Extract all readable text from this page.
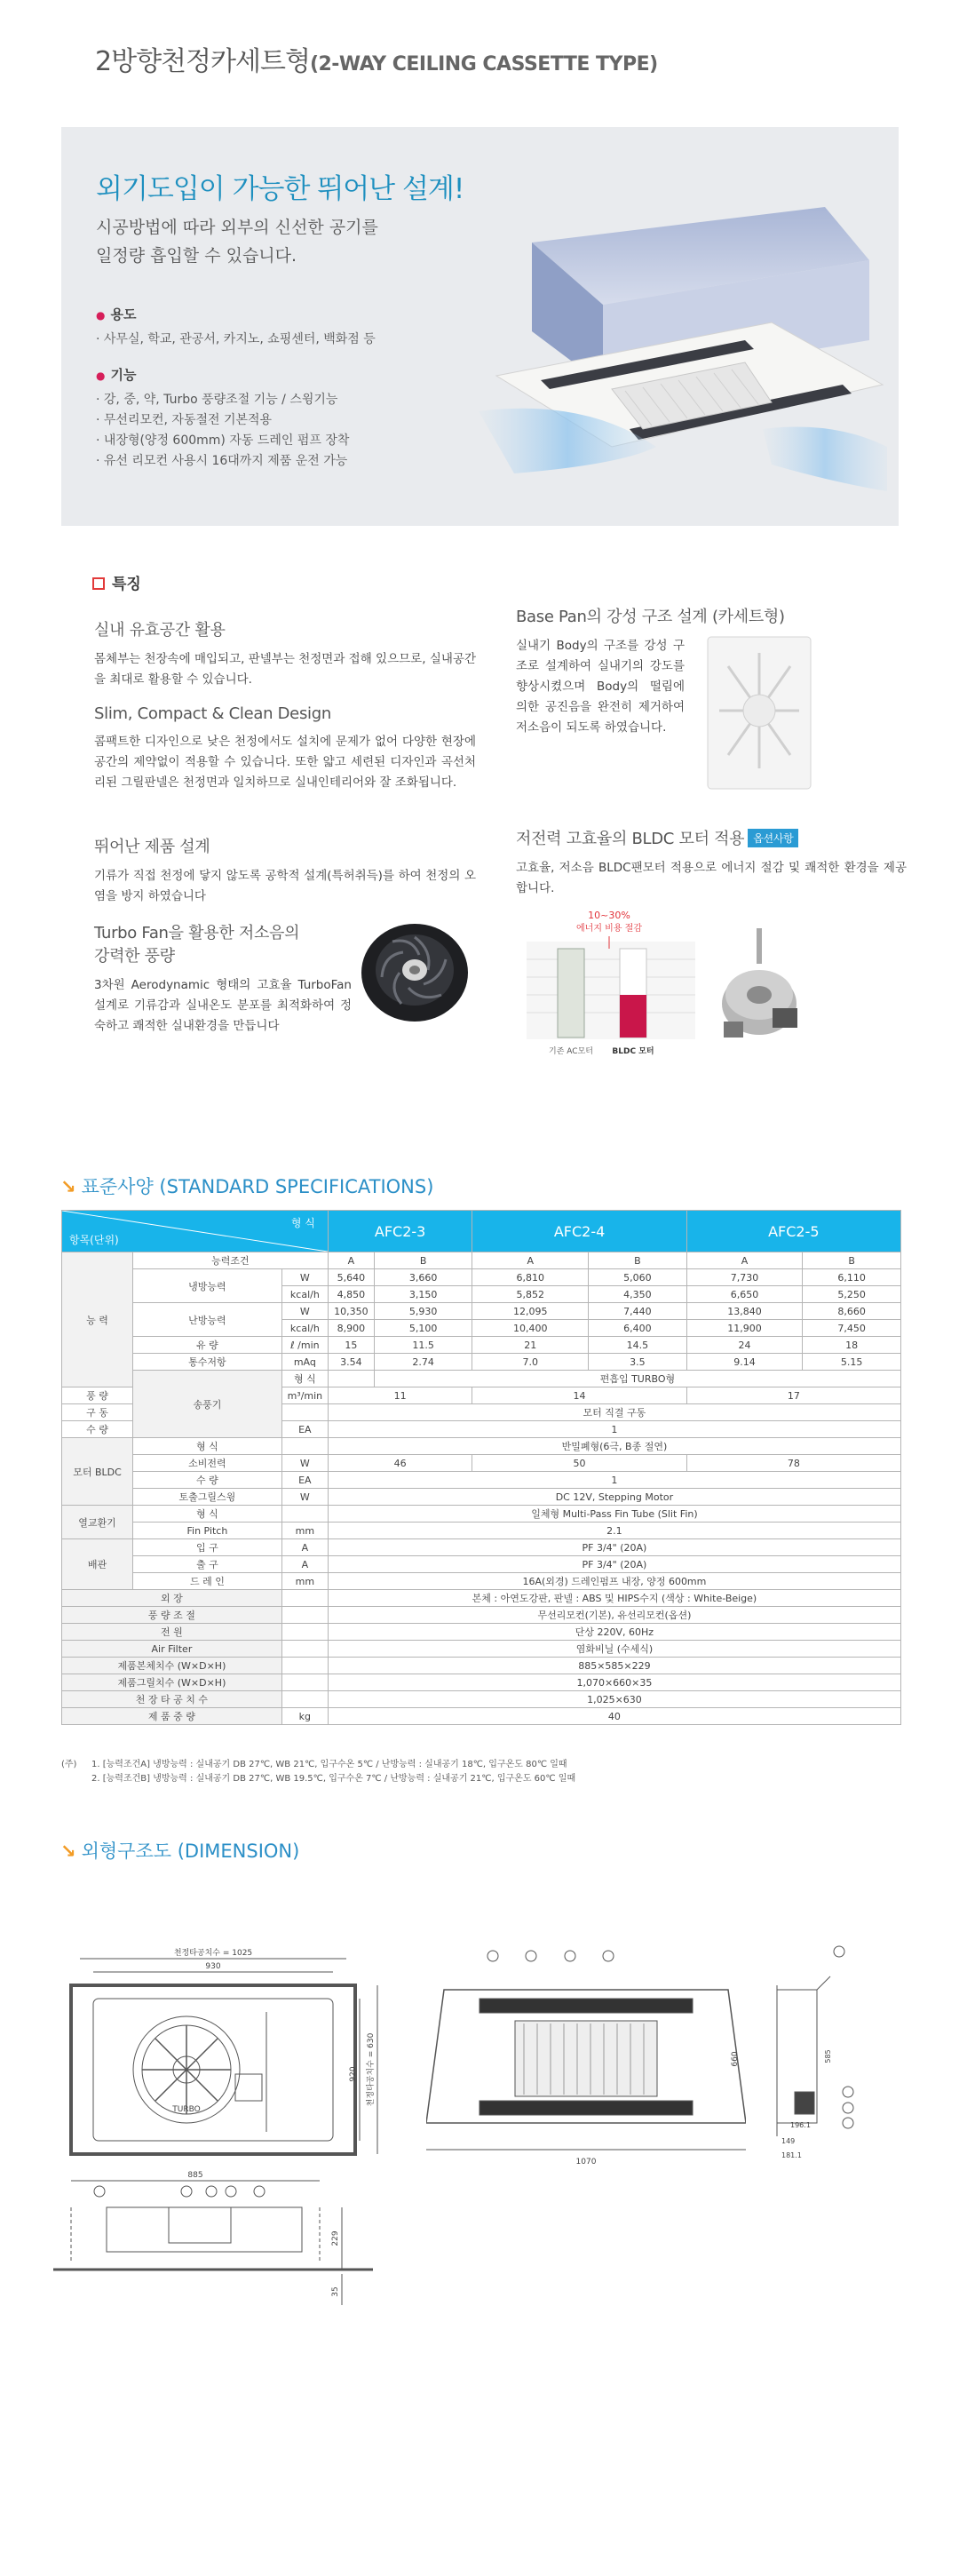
2방향천정카세트형(2-WAY CEILING CASSETTE TYPE)
외기도입이 가능한 뛰어난 설계!
시공방법에 따라 외부의 신선한 공기를
일정량 흡입할 수 있습니다.
● 용도
· 사무실, 학교, 관공서, 카지노, 쇼핑센터, 백화점 등
● 기능
· 강, 중, 약, Turbo 풍량조절 기능 / 스윙기능
· 무선리모컨, 자동절전 기본적용
· 내장형(양정 600mm) 자동 드레인 펌프 장착
· 유선 리모컨 사용시 16대까지 제품 운전 가능
특징
실내 유효공간 활용
몸체부는 천장속에 매입되고, 판넬부는 천정면과 접해 있으므로, 실내공간을 최대로 활용할 수 있습니다.
Slim, Compact & Clean Design
콤팩트한 디자인으로 낮은 천정에서도 설치에 문제가 없어 다양한 현장에 공간의 제약없이 적용할 수 있습니다. 또한 얇고 세련된 디자인과 곡선처리된 그릴판넬은 천정면과 일치하므로 실내인테리어와 잘 조화됩니다.
뛰어난 제품 설계
기류가 직접 천정에 닿지 않도록 공학적 설계(특허취득)를 하여 천정의 오염을 방지 하였습니다
Turbo Fan을 활용한 저소음의
강력한 풍량
3차원 Aerodynamic 형태의 고효율 TurboFan 설계로 기류감과 실내온도 분포를 최적화하여 정숙하고 쾌적한 실내환경을 만듭니다
Base Pan의 강성 구조 설계 (카세트형)
실내기 Body의 구조를 강성 구조로 설계하여 실내기의 강도를 향상시켰으며 Body의 떨림에 의한 공진음을 완전히 제거하여 저소음이 되도록 하였습니다.
저전력 고효율의 BLDC 모터 적용 옵션사항
고효율, 저소음 BLDC팬모터 적용으로 에너지 절감 및 쾌적한 환경을 제공합니다.
10~30%
에너지 비용 절감
기존 AC모터 BLDC 모터
↘ 표준사양 (STANDARD SPECIFICATIONS)
형 식
항목(단위)			AFC2-3		AFC2-4		AFC2-5	
능 력	능력조건		A	B	A	B	A	B
	냉방능력	W	5,640	3,660	6,810	5,060	7,730	6,110
		kcal/h	4,850	3,150	5,852	4,350	6,650	5,250
	난방능력	W	10,350	5,930	12,095	7,440	13,840	8,660
		kcal/h	8,900	5,100	10,400	6,400	11,900	7,450
	유 량	ℓ /min	15	11.5	21	14.5	24	18
	통수저항	mAq	3.54	2.74	7.0	3.5	9.14	5.15
	송풍기	형 식		편흡입 TURBO형				
풍 량		m³/min	11		14		17	
구 동			모터 직결 구동					
수 량		EA	1					
모터 BLDC	형 식		반밀폐형(6극, B종 절연)					
	소비전력	W	46		50		78	
	수 량	EA	1					
	토출그릴스윙	W	DC 12V, Stepping Motor					
열교환기	형 식		일체형 Multi-Pass Fin Tube (Slit Fin)					
	Fin Pitch	mm	2.1					
배관	입 구	A	PF 3/4" (20A)					
	출 구	A	PF 3/4" (20A)					
	드 레 인	mm	16A(외경) 드레인펌프 내장, 양정 600mm					
외 장			본체 : 아연도강판, 판넬 : ABS 및 HIPS수지 (색상 : White-Beige)					
풍 량 조 절			무선리모컨(기본), 유선리모컨(옵션)					
전 원			단상 220V, 60Hz					
Air Filter			염화비닐 (수세식)					
제품본체치수 (W×D×H)			885×585×229					
제품그릴치수 (W×D×H)			1,070×660×35					
천 장 타 공 치 수			1,025×630					
제 품 중 량		kg	40					
(주)	1. [능력조건A] 냉방능력 : 실내공기 DB 27℃, WB 21℃, 입구수온 5℃ / 난방능력 : 실내공기 18℃, 입구온도 80℃ 일때
2. [능력조건B] 냉방능력 : 실내공기 DB 27℃, WB 19.5℃, 입구수온 7℃ / 난방능력 : 실내공기 21℃, 입구온도 60℃ 일때
↘ 외형구조도 (DIMENSION)
천정타공치수 = 1025
930
TURBO
920 천정타공치수 = 630
885
229
35
1070
660	585
196.1
149
181.1
